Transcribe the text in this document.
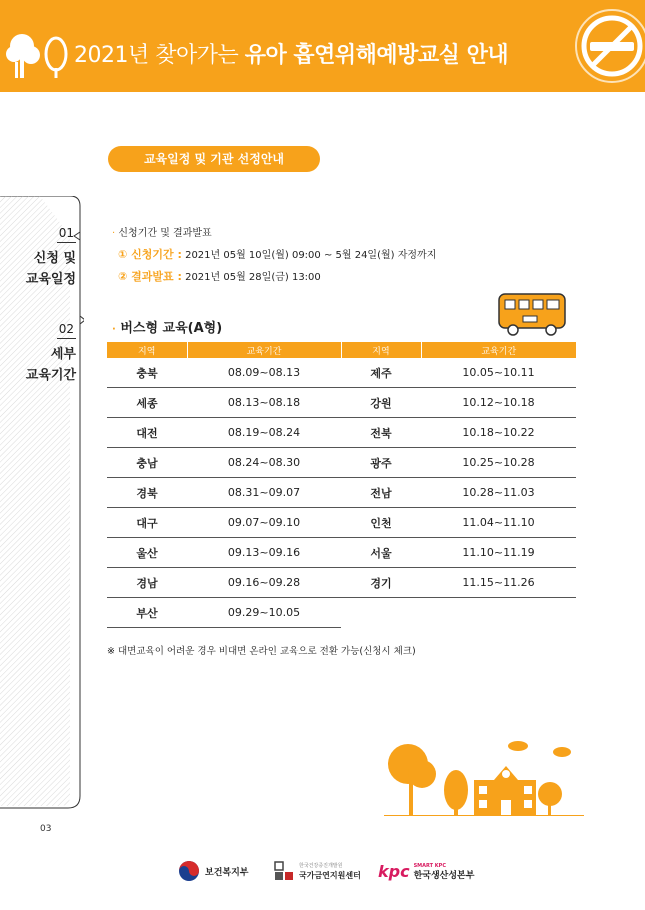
2021년 찾아가는 유아 흡연위해예방교실 안내
교육일정 및 기관 선정안내
01
신청 및
교육일정
02
세부
교육기간
· 신청기간 및 결과발표
① 신청기간 : 2021년 05월 10일(월) 09:00 ~ 5월 24일(월) 자정까지
② 결과발표 : 2021년 05월 28일(금) 13:00
· 버스형 교육(A형)
지역	교육기간	지역	교육기간
충북	08.09~08.13	제주	10.05~10.11
세종	08.13~08.18	강원	10.12~10.18
대전	08.19~08.24	전북	10.18~10.22
충남	08.24~08.30	광주	10.25~10.28
경북	08.31~09.07	전남	10.28~11.03
대구	09.07~09.10	인천	11.04~11.10
울산	09.13~09.16	서울	11.10~11.19
경남	09.16~09.28	경기	11.15~11.26
부산	09.29~10.05		
※ 대면교육이 어려운 경우 비대면 온라인 교육으로 전환 가능(신청시 체크)
03
보건복지부
한국건강증진개발원
국가금연지원센터 kpc SMART KPC
한국생산성본부
